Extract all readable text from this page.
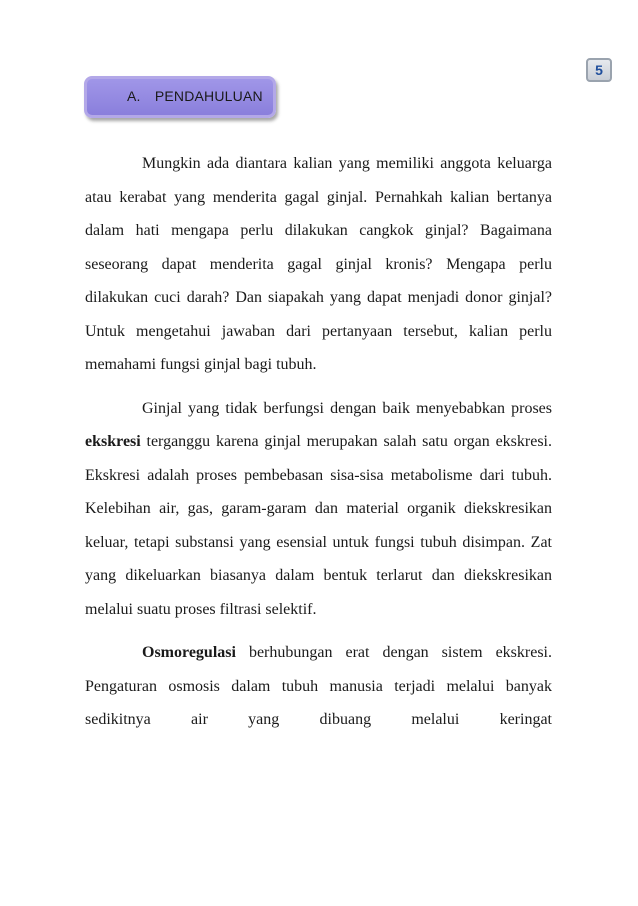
5
A. PENDAHULUAN

Mungkin ada diantara kalian yang memiliki anggota keluarga atau kerabat yang menderita gagal ginjal. Pernahkah kalian bertanya dalam hati mengapa perlu dilakukan cangkok ginjal? Bagaimana seseorang dapat menderita gagal ginjal kronis? Mengapa perlu dilakukan cuci darah? Dan siapakah yang dapat menjadi donor ginjal? Untuk mengetahui jawaban dari pertanyaan tersebut, kalian perlu memahami fungsi ginjal bagi tubuh.

Ginjal yang tidak berfungsi dengan baik menyebabkan proses ekskresi terganggu karena ginjal merupakan salah satu organ ekskresi. Ekskresi adalah proses pembebasan sisa-sisa metabolisme dari tubuh. Kelebihan air, gas, garam-garam dan material organik diekskresikan keluar, tetapi substansi yang esensial untuk fungsi tubuh disimpan. Zat yang dikeluarkan biasanya dalam bentuk terlarut dan diekskresikan melalui suatu proses filtrasi selektif.

Osmoregulasi berhubungan erat dengan sistem ekskresi. Pengaturan osmosis dalam tubuh manusia terjadi melalui banyak sedikitnya air yang dibuang melalui keringat
